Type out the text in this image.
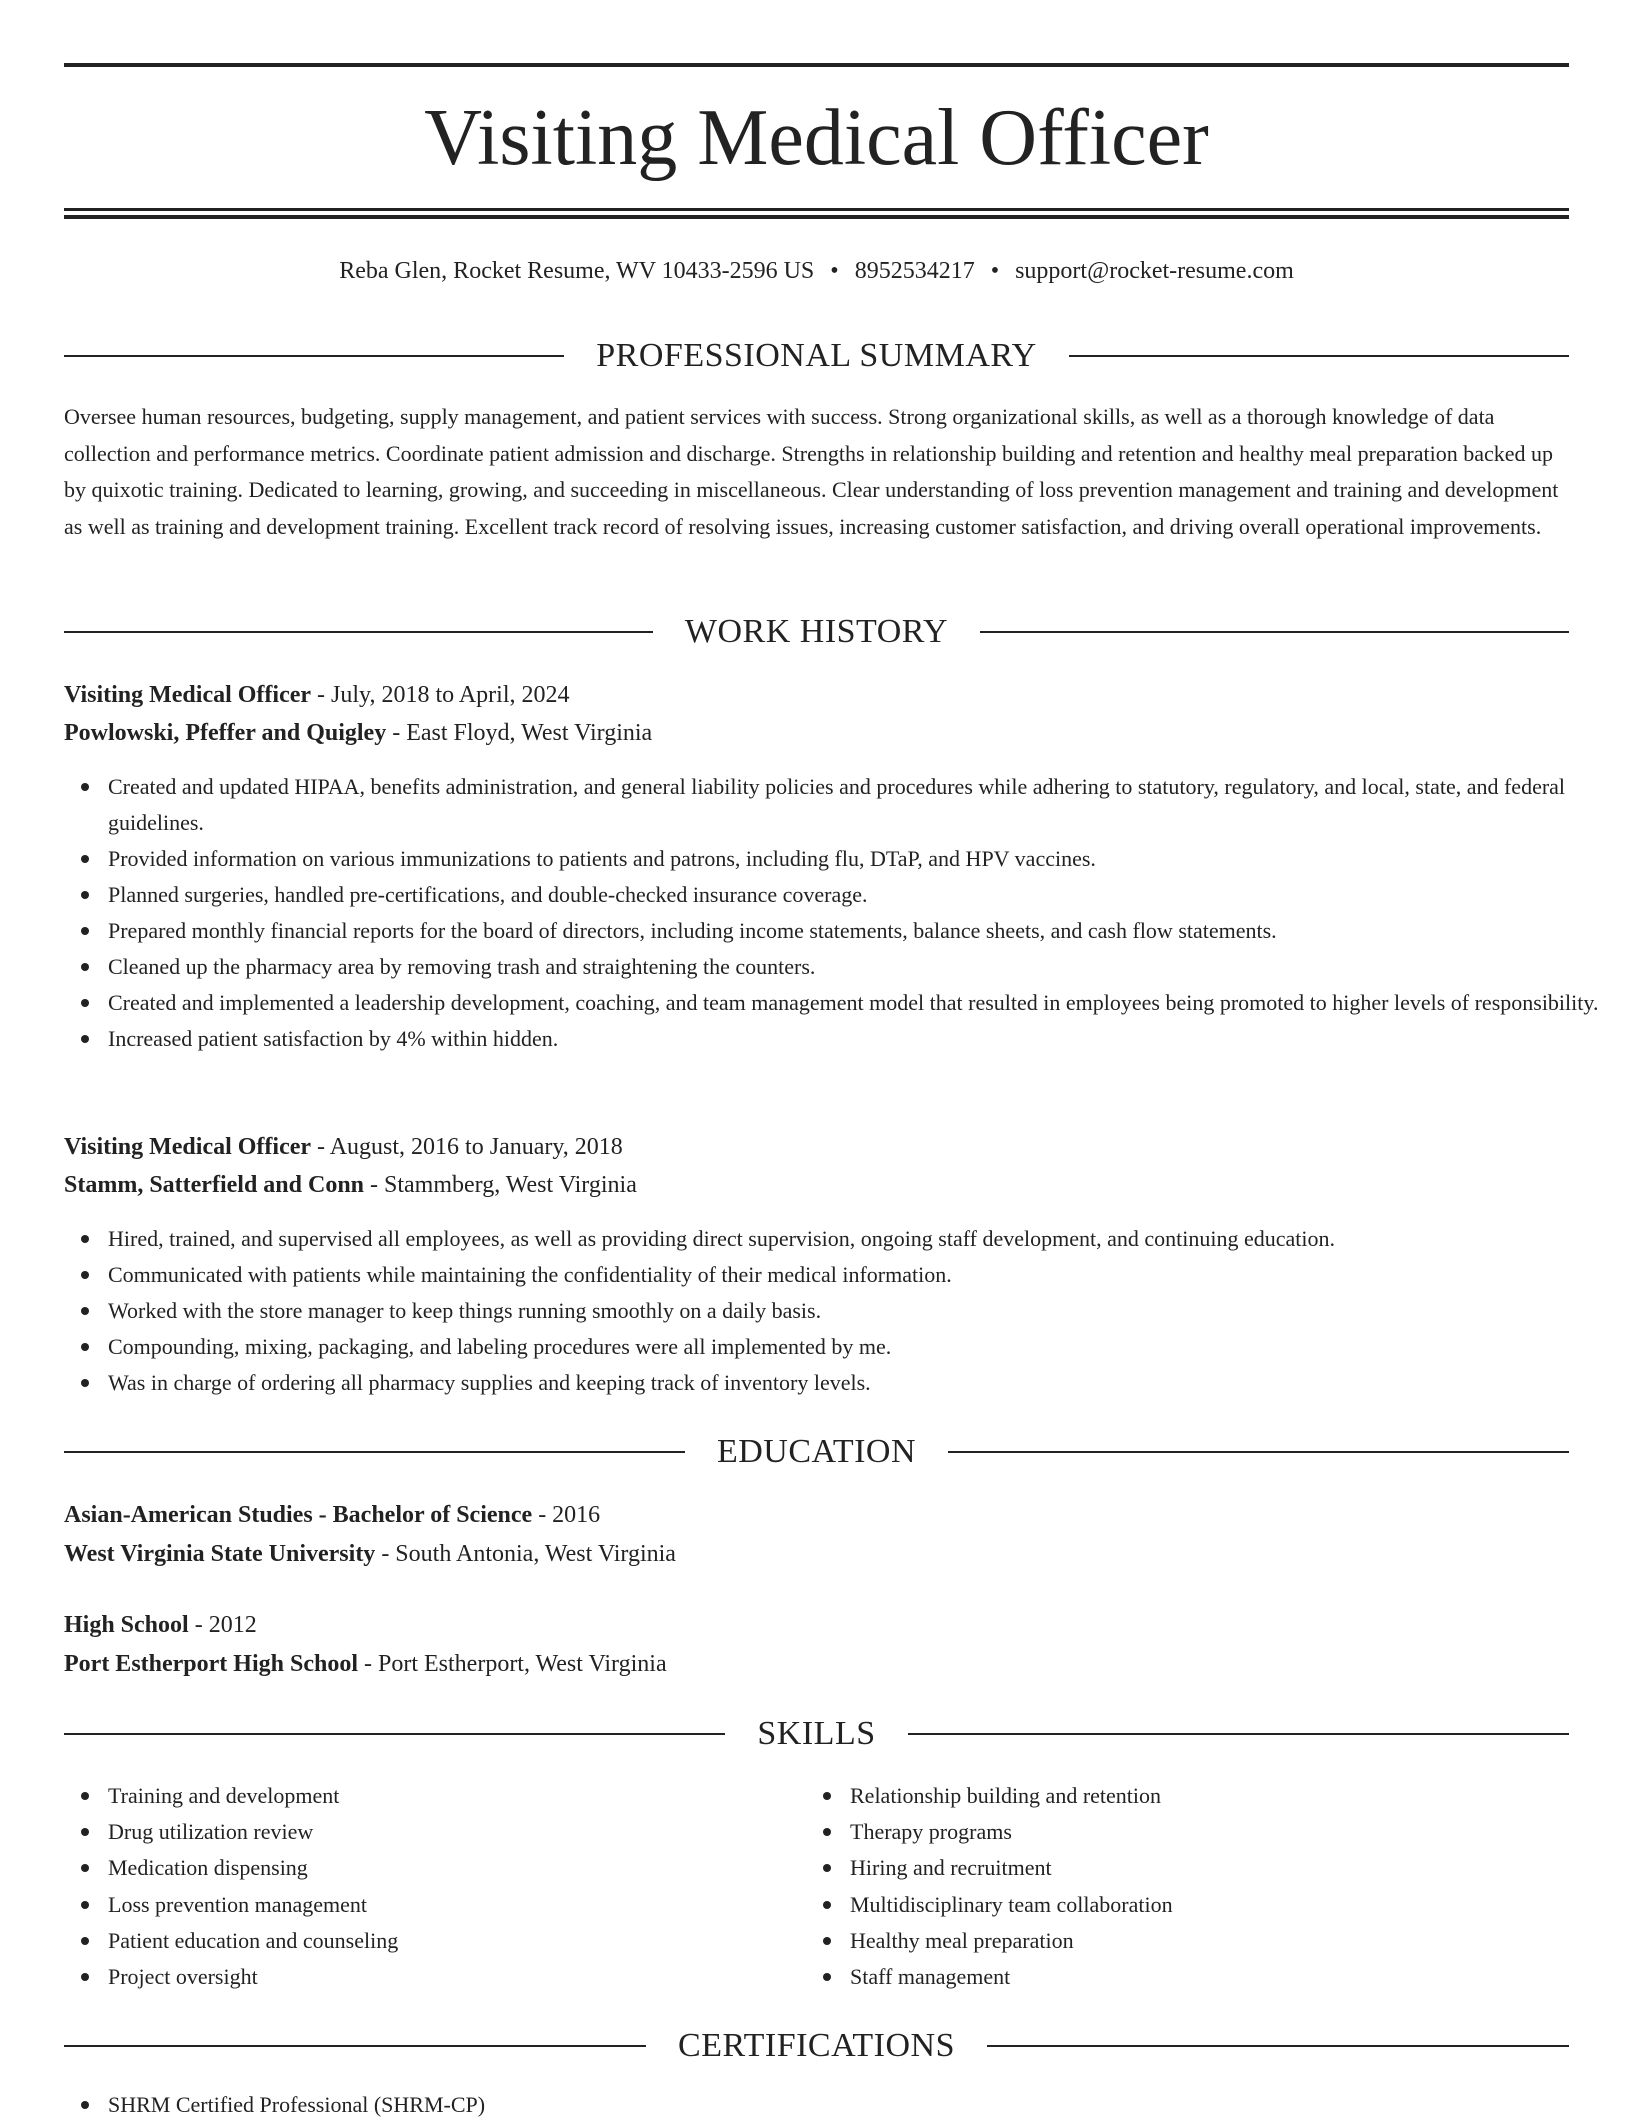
Visiting Medical Officer
Reba Glen, Rocket Resume, WV 10433-2596 US • 8952534217 • support@rocket-resume.com
PROFESSIONAL SUMMARY

Oversee human resources, budgeting, supply management, and patient services with success. Strong organizational skills, as well as a thorough knowledge of data collection and performance metrics. Coordinate patient admission and discharge. Strengths in relationship building and retention and healthy meal preparation backed up by quixotic training. Dedicated to learning, growing, and succeeding in miscellaneous. Clear understanding of loss prevention management and training and development as well as training and development training. Excellent track record of resolving issues, increasing customer satisfaction, and driving overall operational improvements.

WORK HISTORY
Visiting Medical Officer - July, 2018 to April, 2024
Powlowski, Pfeffer and Quigley - East Floyd, West Virginia
Created and updated HIPAA, benefits administration, and general liability policies and procedures while adhering to statutory, regulatory, and local, state, and federal guidelines.
Provided information on various immunizations to patients and patrons, including flu, DTaP, and HPV vaccines.
Planned surgeries, handled pre-certifications, and double-checked insurance coverage.
Prepared monthly financial reports for the board of directors, including income statements, balance sheets, and cash flow statements.
Cleaned up the pharmacy area by removing trash and straightening the counters.
Created and implemented a leadership development, coaching, and team management model that resulted in employees being promoted to higher levels of responsibility.
Increased patient satisfaction by 4% within hidden.
Visiting Medical Officer - August, 2016 to January, 2018
Stamm, Satterfield and Conn - Stammberg, West Virginia
Hired, trained, and supervised all employees, as well as providing direct supervision, ongoing staff development, and continuing education.
Communicated with patients while maintaining the confidentiality of their medical information.
Worked with the store manager to keep things running smoothly on a daily basis.
Compounding, mixing, packaging, and labeling procedures were all implemented by me.
Was in charge of ordering all pharmacy supplies and keeping track of inventory levels.
EDUCATION
Asian-American Studies - Bachelor of Science - 2016
West Virginia State University - South Antonia, West Virginia
High School - 2012
Port Estherport High School - Port Estherport, West Virginia
SKILLS
Training and development
Drug utilization review
Medication dispensing
Loss prevention management
Patient education and counseling
Project oversight
Relationship building and retention
Therapy programs
Hiring and recruitment
Multidisciplinary team collaboration
Healthy meal preparation
Staff management
CERTIFICATIONS
SHRM Certified Professional (SHRM-CP)
